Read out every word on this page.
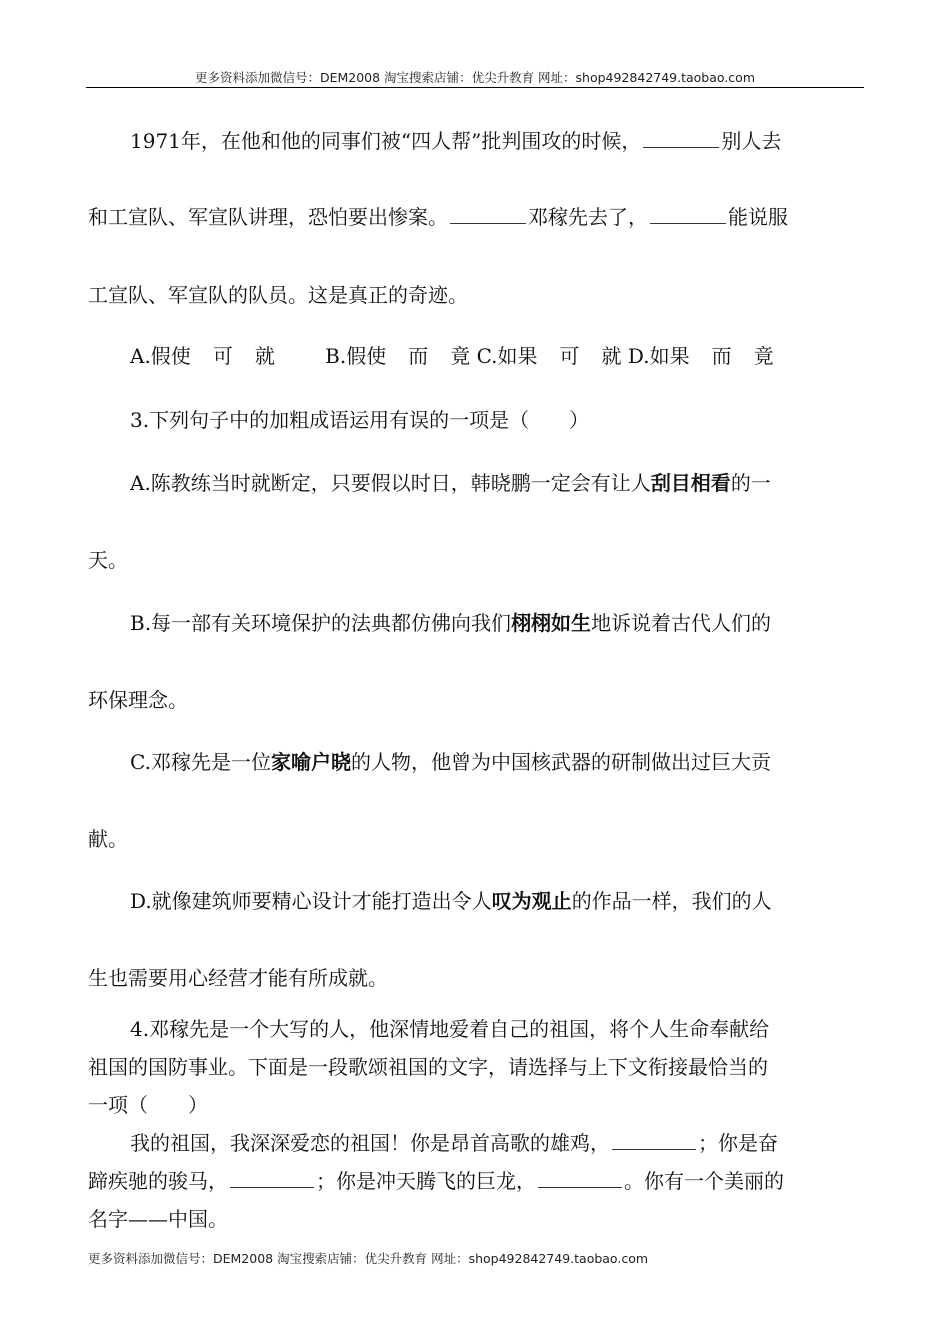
更多资料添加微信号：DEM2008 淘宝搜索店铺：优尖升教育 网址：shop492842749.taobao.com
1971年，在他和他的同事们被“四人帮”批判围攻的时候，	别人去
和工宣队、军宣队讲理，恐怕要出惨案。	邓稼先去了，	能说服
工宣队、军宣队的队员。这是真正的奇迹。
A.假使 可 就	B.假使 而 竟 C.如果 可 就 D.如果 而 竟
3.下列句子中的加粗成语运用有误的一项是（　　）
A.陈教练当时就断定，只要假以时日，韩晓鹏一定会有让人刮目相看的一
天。
B.每一部有关环境保护的法典都仿佛向我们栩栩如生地诉说着古代人们的
环保理念。
C.邓稼先是一位家喻户晓的人物，他曾为中国核武器的研制做出过巨大贡
献。
D.就像建筑师要精心设计才能打造出令人叹为观止的作品一样，我们的人
生也需要用心经营才能有所成就。
4.邓稼先是一个大写的人，他深情地爱着自己的祖国，将个人生命奉献给
祖国的国防事业。下面是一段歌颂祖国的文字，请选择与上下文衔接最恰当的
一项（　　）
我的祖国，我深深爱恋的祖国！你是昂首高歌的雄鸡，	；你是奋
蹄疾驰的骏马，	；你是冲天腾飞的巨龙，	。你有一个美丽的
名字——中国。
更多资料添加微信号：DEM2008 淘宝搜索店铺：优尖升教育 网址：shop492842749.taobao.com
